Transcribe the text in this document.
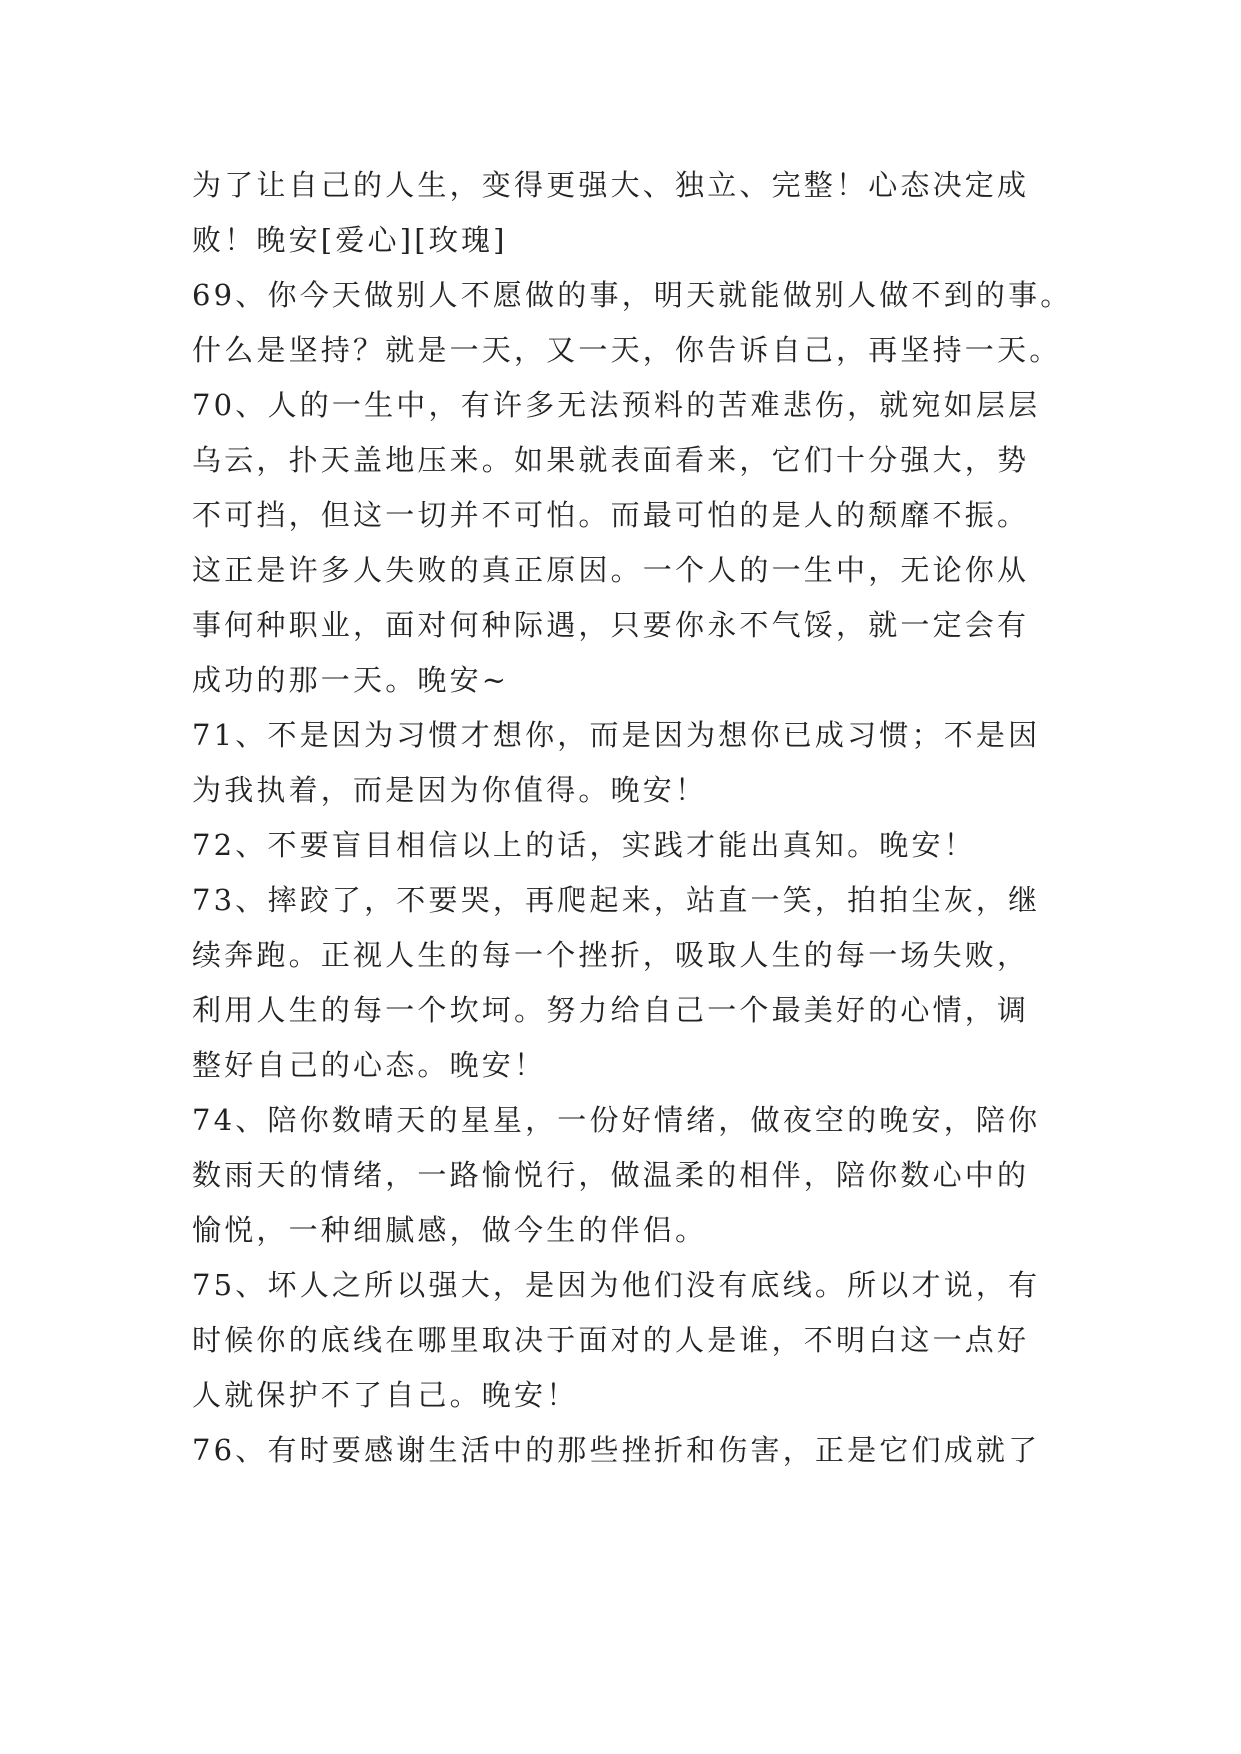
为了让自己的人生，变得更强大、独立、完整！心态决定成
败！晚安[爱心][玫瑰]
69、你今天做别人不愿做的事，明天就能做别人做不到的事。
什么是坚持？就是一天，又一天，你告诉自己，再坚持一天。
70、人的一生中，有许多无法预料的苦难悲伤，就宛如层层
乌云，扑天盖地压来。如果就表面看来，它们十分强大，势
不可挡，但这一切并不可怕。而最可怕的是人的颓靡不振。
这正是许多人失败的真正原因。一个人的一生中，无论你从
事何种职业，面对何种际遇，只要你永不气馁，就一定会有
成功的那一天。晚安~
71、不是因为习惯才想你，而是因为想你已成习惯；不是因
为我执着，而是因为你值得。晚安！
72、不要盲目相信以上的话，实践才能出真知。晚安！
73、摔跤了，不要哭，再爬起来，站直一笑，拍拍尘灰，继
续奔跑。正视人生的每一个挫折，吸取人生的每一场失败，
利用人生的每一个坎坷。努力给自己一个最美好的心情，调
整好自己的心态。晚安！
74、陪你数晴天的星星，一份好情绪，做夜空的晚安，陪你
数雨天的情绪，一路愉悦行，做温柔的相伴，陪你数心中的
愉悦，一种细腻感，做今生的伴侣。
75、坏人之所以强大，是因为他们没有底线。所以才说，有
时候你的底线在哪里取决于面对的人是谁，不明白这一点好
人就保护不了自己。晚安！
76、有时要感谢生活中的那些挫折和伤害，正是它们成就了
